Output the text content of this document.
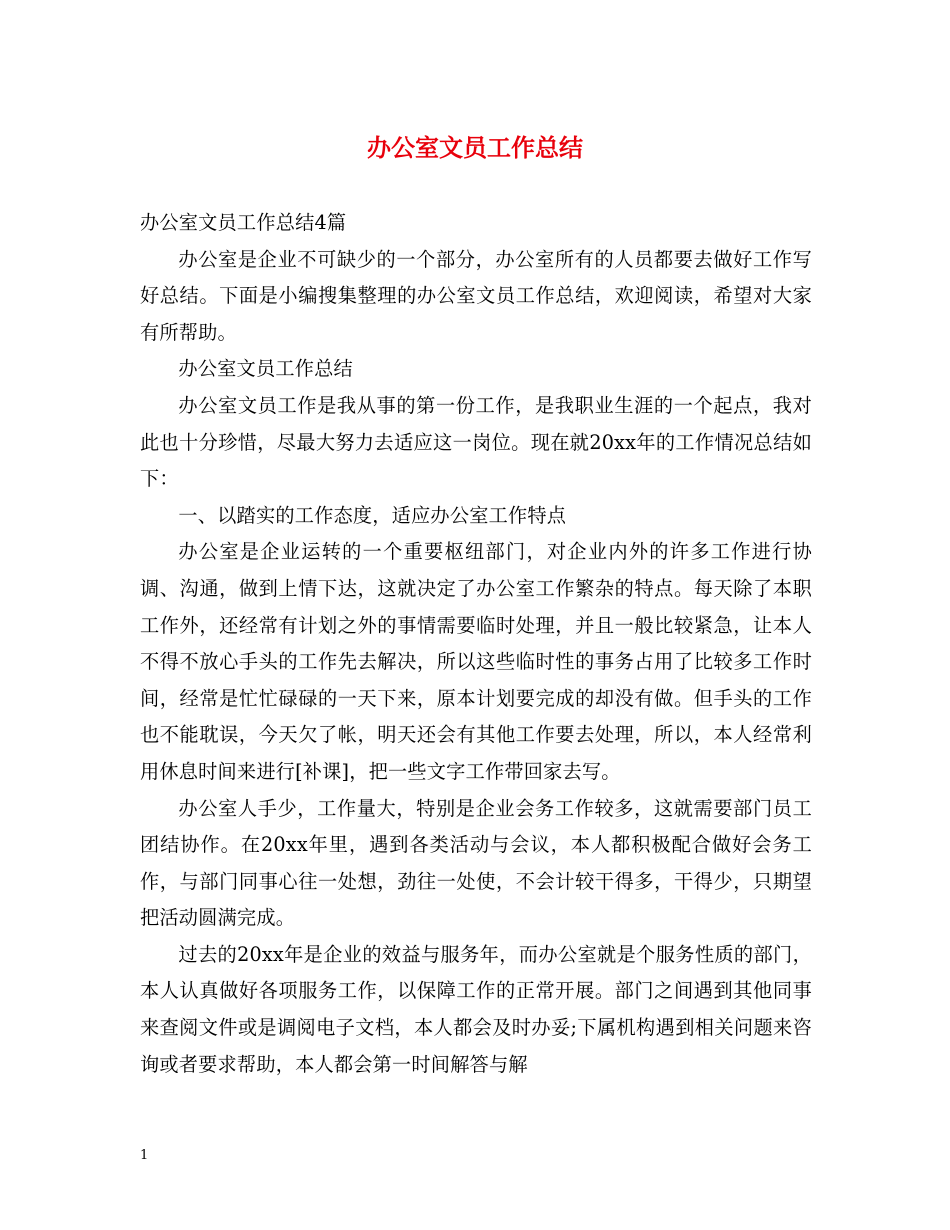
办公室文员工作总结

办公室文员工作总结4篇

办公室是企业不可缺少的一个部分，办公室所有的人员都要去做好工作写好总结。下面是小编搜集整理的办公室文员工作总结，欢迎阅读，希望对大家有所帮助。

办公室文员工作总结

办公室文员工作是我从事的第一份工作，是我职业生涯的一个起点，我对此也十分珍惜，尽最大努力去适应这一岗位。现在就20xx年的工作情况总结如下：

一、以踏实的工作态度，适应办公室工作特点

办公室是企业运转的一个重要枢纽部门，对企业内外的许多工作进行协调、沟通，做到上情下达，这就决定了办公室工作繁杂的特点。每天除了本职工作外，还经常有计划之外的事情需要临时处理，并且一般比较紧急，让本人不得不放心手头的工作先去解决，所以这些临时性的事务占用了比较多工作时间，经常是忙忙碌碌的一天下来，原本计划要完成的却没有做。但手头的工作也不能耽误，今天欠了帐，明天还会有其他工作要去处理，所以，本人经常利用休息时间来进行[补课]，把一些文字工作带回家去写。

办公室人手少，工作量大，特别是企业会务工作较多，这就需要部门员工团结协作。在20xx年里，遇到各类活动与会议，本人都积极配合做好会务工作，与部门同事心往一处想，劲往一处使，不会计较干得多，干得少，只期望把活动圆满完成。

过去的20xx年是企业的效益与服务年，而办公室就是个服务性质的部门，本人认真做好各项服务工作，以保障工作的正常开展。部门之间遇到其他同事来查阅文件或是调阅电子文档，本人都会及时办妥;下属机构遇到相关问题来咨询或者要求帮助，本人都会第一时间解答与解

1
